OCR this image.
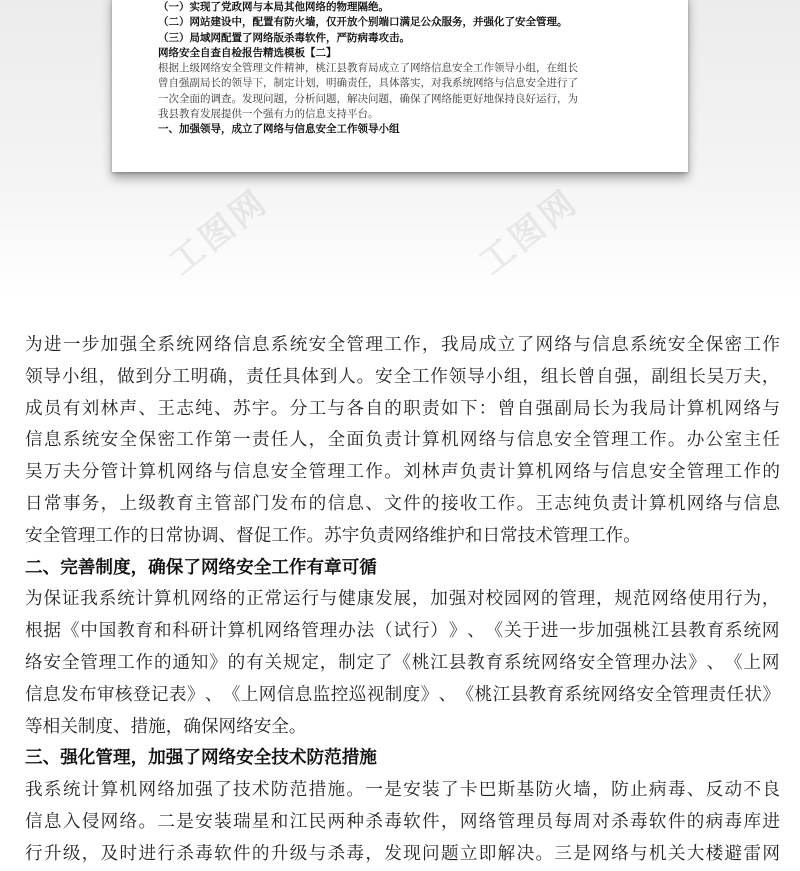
（一）实现了党政网与本局其他网络的物理隔绝。
（二）网站建设中，配置有防火墙，仅开放个别端口满足公众服务，并强化了安全管理。
（三）局域网配置了网络版杀毒软件，严防病毒攻击。
网络安全自查自检报告精选模板【二】
根据上级网络安全管理文件精神，桃江县教育局成立了网络信息安全工作领导小组，在组长
曾自强副局长的领导下，制定计划，明确责任，具体落实，对我系统网络与信息安全进行了
一次全面的调查。发现问题，分析问题，解决问题，确保了网络能更好地保持良好运行，为
我县教育发展提供一个强有力的信息支持平台。
一、加强领导，成立了网络与信息安全工作领导小组
为 进 一 步 加 强 全 系 统 网 络 信 息 系 统 安 全 管 理 工 作 ， 我 局 成 立 了 网 络 与 信 息 系 统 安 全 保 密 工 作
领 导 小 组 ， 做 到 分 工 明 确 ， 责 任 具 体 到 人 。 安 全 工 作 领 导 小 组 ， 组 长 曾 自 强 ， 副 组 长 吴 万 夫 ，
成 员 有 刘 林 声 、 王 志 纯 、 苏 宇 。 分 工 与 各 自 的 职 责 如 下 ： 曾 自 强 副 局 长 为 我 局 计 算 机 网 络 与
信 息 系 统 安 全 保 密 工 作 第 一 责 任 人 ， 全 面 负 责 计 算 机 网 络 与 信 息 安 全 管 理 工 作 。 办 公 室 主 任
吴 万 夫 分 管 计 算 机 网 络 与 信 息 安 全 管 理 工 作 。 刘 林 声 负 责 计 算 机 网 络 与 信 息 安 全 管 理 工 作 的
日 常 事 务 ， 上 级 教 育 主 管 部 门 发 布 的 信 息 、 文 件 的 接 收 工 作 。 王 志 纯 负 责 计 算 机 网 络 与 信 息
安全管理工作的日常协调、督促工作。苏宇负责网络维护和日常技术管理工作。
二、完善制度，确保了网络安全工作有章可循
为 保 证 我 系 统 计 算 机 网 络 的 正 常 运 行 与 健 康 发 展 ， 加 强 对 校 园 网 的 管 理 ， 规 范 网 络 使 用 行 为 ，
根 据 《 中 国 教 育 和 科 研 计 算 机 网 络 管 理 办 法 （ 试 行 ） 》 、 《 关 于 进 一 步 加 强 桃 江 县 教 育 系 统 网
络 安 全 管 理 工 作 的 通 知 》 的 有 关 规 定 ， 制 定 了 《 桃 江 县 教 育 系 统 网 络 安 全 管 理 办 法 》 、 《 上 网
信 息 发 布 审 核 登 记 表 》 、 《 上 网 信 息 监 控 巡 视 制 度 》 、 《 桃 江 县 教 育 系 统 网 络 安 全 管 理 责 任 状 》
等相关制度、措施，确保网络安全。
三、强化管理，加强了网络安全技术防范措施
我 系 统 计 算 机 网 络 加 强 了 技 术 防 范 措 施 。 一 是 安 装 了 卡 巴 斯 基 防 火 墙 ， 防 止 病 毒 、 反 动 不 良
信 息 入 侵 网 络 。 二 是 安 装 瑞 星 和 江 民 两 种 杀 毒 软 件 ， 网 络 管 理 员 每 周 对 杀 毒 软 件 的 病 毒 库 进
行 升 级 ， 及 时 进 行 杀 毒 软 件 的 升 级 与 杀 毒 ， 发 现 问 题 立 即 解 决 。 三 是 网 络 与 机 关 大 楼 避 雷 网
